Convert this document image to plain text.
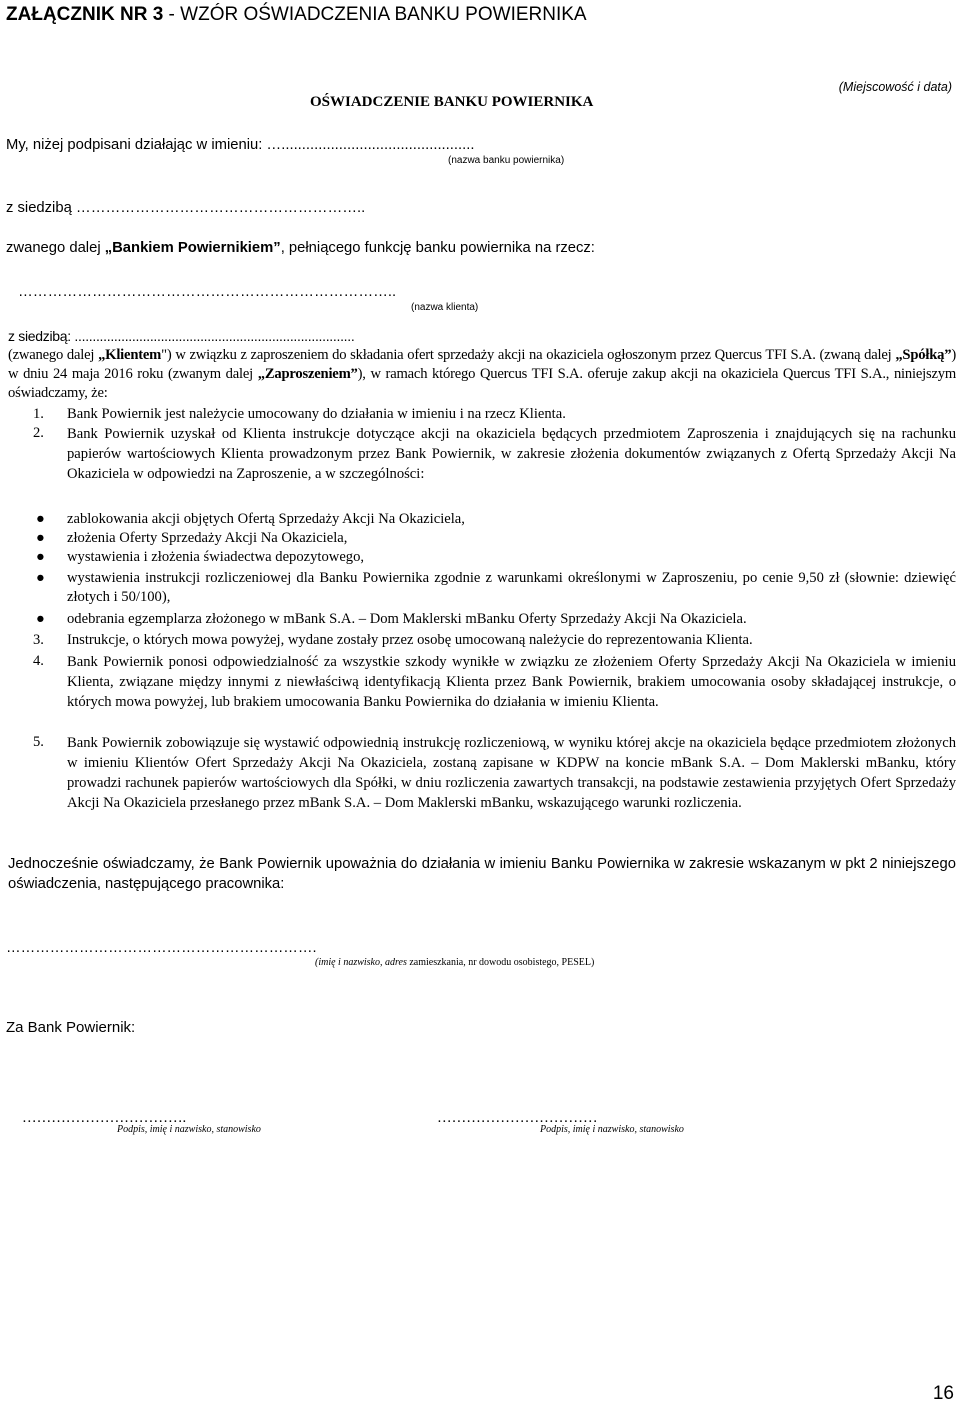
ZAŁĄCZNIK NR 3 - WZÓR OŚWIADCZENIA BANKU POWIERNIKA
(Miejscowość i data)
OŚWIADCZENIE BANKU POWIERNIKA
My, niżej podpisani działając w imieniu: …...............................................
(nazwa banku powiernika)
z siedzibą …………………………………………………..
zwanego dalej „Bankiem Powiernikiem”, pełniącego funkcję banku powiernika na rzecz:
…………………………………………………………………..
(nazwa klienta)
z siedzibą: ..............................................................................
(zwanego dalej „Klientem") w związku z zaproszeniem do składania ofert sprzedaży akcji na okaziciela ogłoszonym przez Quercus TFI S.A. (zwaną dalej „Spółką”) w dniu 24 maja 2016 roku (zwanym dalej „Zaproszeniem”), w ramach którego Quercus TFI S.A. oferuje zakup akcji na okaziciela Quercus TFI S.A., niniejszym oświadczamy, że:
1. Bank Powiernik jest należycie umocowany do działania w imieniu i na rzecz Klienta.
2. Bank Powiernik uzyskał od Klienta instrukcje dotyczące akcji na okaziciela będących przedmiotem Zaproszenia i znajdujących się na rachunku papierów wartościowych Klienta prowadzonym przez Bank Powiernik, w zakresie złożenia dokumentów związanych z Ofertą Sprzedaży Akcji Na Okaziciela w odpowiedzi na Zaproszenie, a w szczególności:
● zablokowania akcji objętych Ofertą Sprzedaży Akcji Na Okaziciela,
● złożenia Oferty Sprzedaży Akcji Na Okaziciela,
● wystawienia i złożenia świadectwa depozytowego,
● wystawienia instrukcji rozliczeniowej dla Banku Powiernika zgodnie z warunkami określonymi w Zaproszeniu, po cenie 9,50 zł (słownie: dziewięć złotych i 50/100),
● odebrania egzemplarza złożonego w mBank S.A. – Dom Maklerski mBanku Oferty Sprzedaży Akcji Na Okaziciela.
3. Instrukcje, o których mowa powyżej, wydane zostały przez osobę umocowaną należycie do reprezentowania Klienta.
4. Bank Powiernik ponosi odpowiedzialność za wszystkie szkody wynikłe w związku ze złożeniem Oferty Sprzedaży Akcji Na Okaziciela w imieniu Klienta, związane między innymi z niewłaściwą identyfikacją Klienta przez Bank Powiernik, brakiem umocowania osoby składającej instrukcje, o których mowa powyżej, lub brakiem umocowania Banku Powiernika do działania w imieniu Klienta.
5. Bank Powiernik zobowiązuje się wystawić odpowiednią instrukcję rozliczeniową, w wyniku której akcje na okaziciela będące przedmiotem złożonych w imieniu Klientów Ofert Sprzedaży Akcji Na Okaziciela, zostaną zapisane w KDPW na koncie mBank S.A. – Dom Maklerski mBanku, który prowadzi rachunek papierów wartościowych dla Spółki, w dniu rozliczenia zawartych transakcji, na podstawie zestawienia przyjętych Ofert Sprzedaży Akcji Na Okaziciela przesłanego przez mBank S.A. – Dom Maklerski mBanku, wskazującego warunki rozliczenia.
Jednocześnie oświadczamy, że Bank Powiernik upoważnia do działania w imieniu Banku Powiernika w zakresie wskazanym w pkt 2 niniejszego oświadczenia, następującego pracownika:
……………………………………………………….
(imię i nazwisko, adres zamieszkania, nr dowodu osobistego, PESEL)
Za Bank Powiernik:
…………………………….
Podpis, imię i nazwisko, stanowisko
……………………………
Podpis, imię i nazwisko, stanowisko
16
